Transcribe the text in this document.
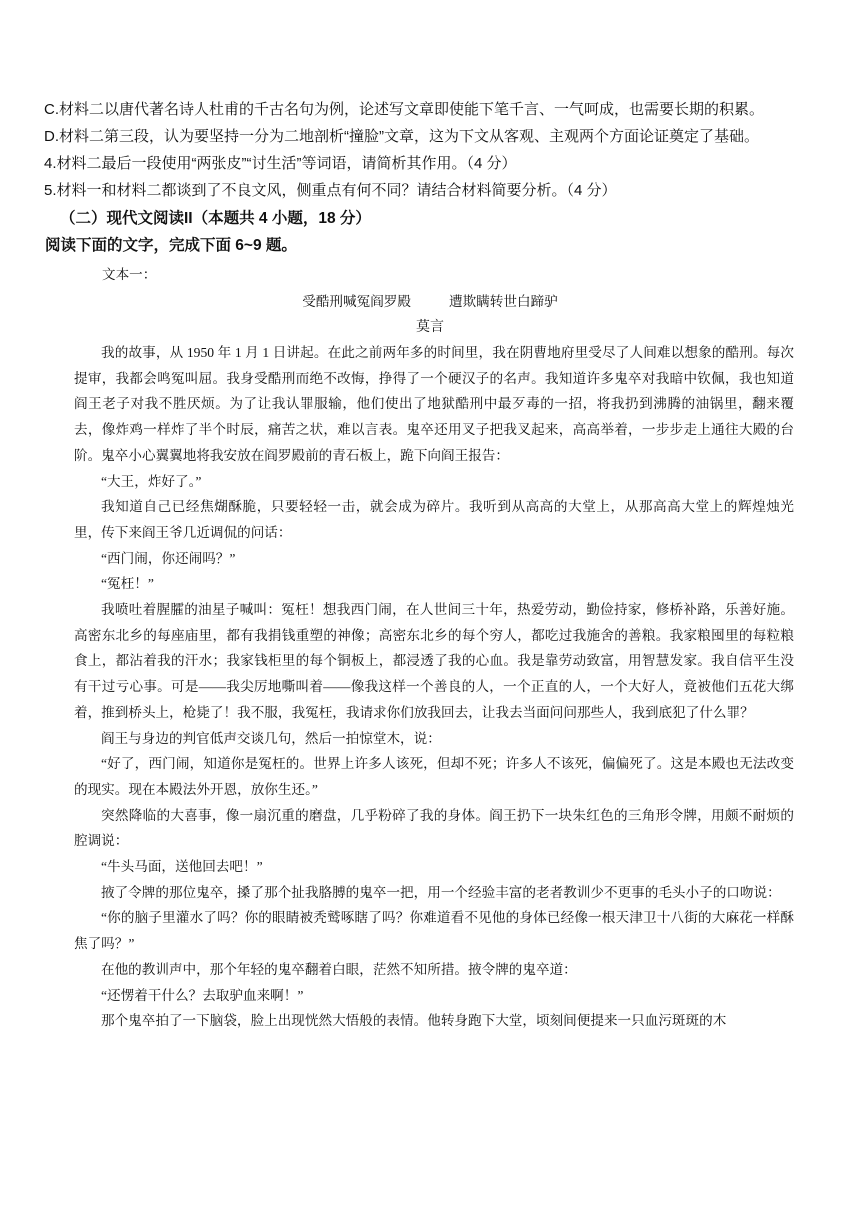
C.材料二以唐代著名诗人杜甫的千古名句为例，论述写文章即使能下笔千言、一气呵成，也需要长期的积累。
D.材料二第三段，认为要坚持一分为二地剖析“撞脸”文章，这为下文从客观、主观两个方面论证奠定了基础。
4.材料二最后一段使用“两张皮”“讨生活”等词语，请简析其作用。（4 分）
5.材料一和材料二都谈到了不良文风，侧重点有何不同？请结合材料简要分析。（4 分）
（二）现代文阅读II（本题共 4 小题，18 分）
阅读下面的文字，完成下面 6~9 题。
文本一：
受酷刑喊冤阎罗殿	遭欺瞒转世白蹄驴
莫言

我的故事，从 1950 年 1 月 1 日讲起。在此之前两年多的时间里，我在阴曹地府里受尽了人间难以想象的酷刑。每次提审，我都会鸣冤叫屈。我身受酷刑而绝不改悔，挣得了一个硬汉子的名声。我知道许多鬼卒对我暗中钦佩，我也知道阎王老子对我不胜厌烦。为了让我认罪服输，他们使出了地狱酷刑中最歹毒的一招，将我扔到沸腾的油锅里，翻来覆去，像炸鸡一样炸了半个时辰，痛苦之状，难以言表。鬼卒还用叉子把我叉起来，高高举着，一步步走上通往大殿的台阶。鬼卒小心翼翼地将我安放在阎罗殿前的青石板上，跪下向阎王报告：

“大王，炸好了。”

我知道自己已经焦煳酥脆，只要轻轻一击，就会成为碎片。我听到从高高的大堂上，从那高高大堂上的辉煌烛光里，传下来阎王爷几近调侃的问话：

“西门闹，你还闹吗？”

“冤枉！”

我喷吐着腥臛的油星子喊叫：冤枉！想我西门闹，在人世间三十年，热爱劳动，勤俭持家，修桥补路，乐善好施。高密东北乡的每座庙里，都有我捐钱重塑的神像；高密东北乡的每个穷人，都吃过我施舍的善粮。我家粮囤里的每粒粮食上，都沾着我的汗水；我家钱柜里的每个铜板上，都浸透了我的心血。我是靠劳动致富，用智慧发家。我自信平生没有干过亏心事。可是——我尖厉地嘶叫着——像我这样一个善良的人，一个正直的人，一个大好人，竟被他们五花大绑着，推到桥头上，枪毙了！我不服，我冤枉，我请求你们放我回去，让我去当面问问那些人，我到底犯了什么罪？

阎王与身边的判官低声交谈几句，然后一拍惊堂木，说：

“好了，西门闹，知道你是冤枉的。世界上许多人该死，但却不死；许多人不该死，偏偏死了。这是本殿也无法改变的现实。现在本殿法外开恩，放你生还。”

突然降临的大喜事，像一扇沉重的磨盘，几乎粉碎了我的身体。阎王扔下一块朱红色的三角形令牌，用颇不耐烦的腔调说：

“牛头马面，送他回去吧！”

掖了令牌的那位鬼卒，搡了那个扯我胳膊的鬼卒一把，用一个经验丰富的老者教训少不更事的毛头小子的口吻说：

“你的脑子里灌水了吗？你的眼睛被秃鹫啄瞎了吗？你难道看不见他的身体已经像一根天津卫十八街的大麻花一样酥焦了吗？”

在他的教训声中，那个年轻的鬼卒翻着白眼，茫然不知所措。掖令牌的鬼卒道：

“还愣着干什么？去取驴血来啊！”

那个鬼卒拍了一下脑袋，脸上出现恍然大悟般的表情。他转身跑下大堂，顷刻间便提来一只血污斑斑的木
